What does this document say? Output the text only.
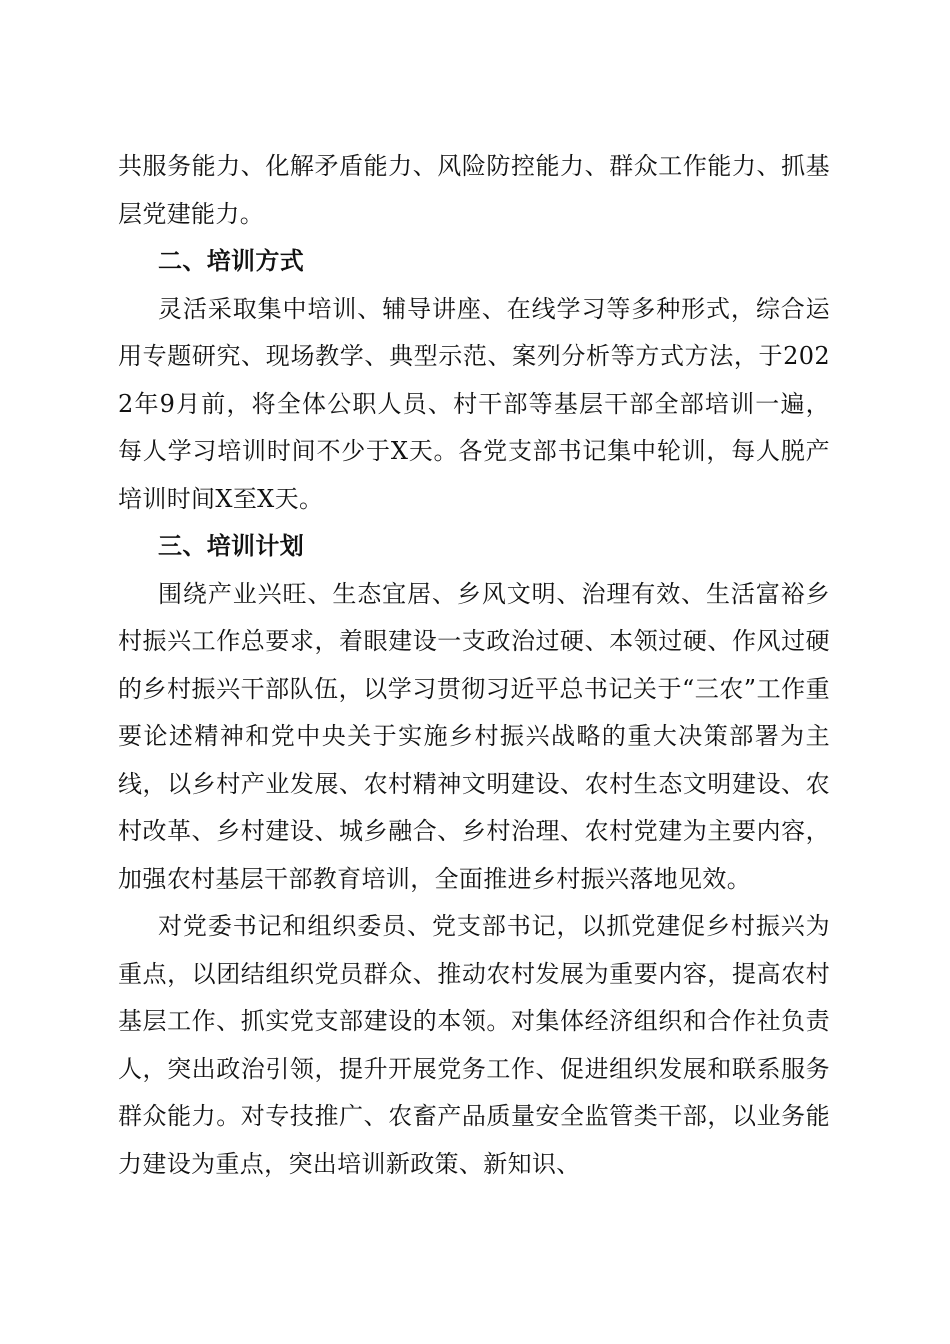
共服务能力、化解矛盾能力、风险防控能力、群众工作能力、抓基层党建能力。

二、培训方式

灵活采取集中培训、辅导讲座、在线学习等多种形式，综合运用专题研究、现场教学、典型示范、案列分析等方式方法，于2022年9月前，将全体公职人员、村干部等基层干部全部培训一遍，每人学习培训时间不少于X天。各党支部书记集中轮训，每人脱产培训时间X至X天。

三、培训计划

围绕产业兴旺、生态宜居、乡风文明、治理有效、生活富裕乡村振兴工作总要求，着眼建设一支政治过硬、本领过硬、作风过硬的乡村振兴干部队伍，以学习贯彻习近平总书记关于“三农”工作重要论述精神和党中央关于实施乡村振兴战略的重大决策部署为主线，以乡村产业发展、农村精神文明建设、农村生态文明建设、农村改革、乡村建设、城乡融合、乡村治理、农村党建为主要内容，加强农村基层干部教育培训，全面推进乡村振兴落地见效。

对党委书记和组织委员、党支部书记，以抓党建促乡村振兴为重点，以团结组织党员群众、推动农村发展为重要内容，提高农村基层工作、抓实党支部建设的本领。对集体经济组织和合作社负责人，突出政治引领，提升开展党务工作、促进组织发展和联系服务群众能力。对专技推广、农畜产品质量安全监管类干部，以业务能力建设为重点，突出培训新政策、新知识、
